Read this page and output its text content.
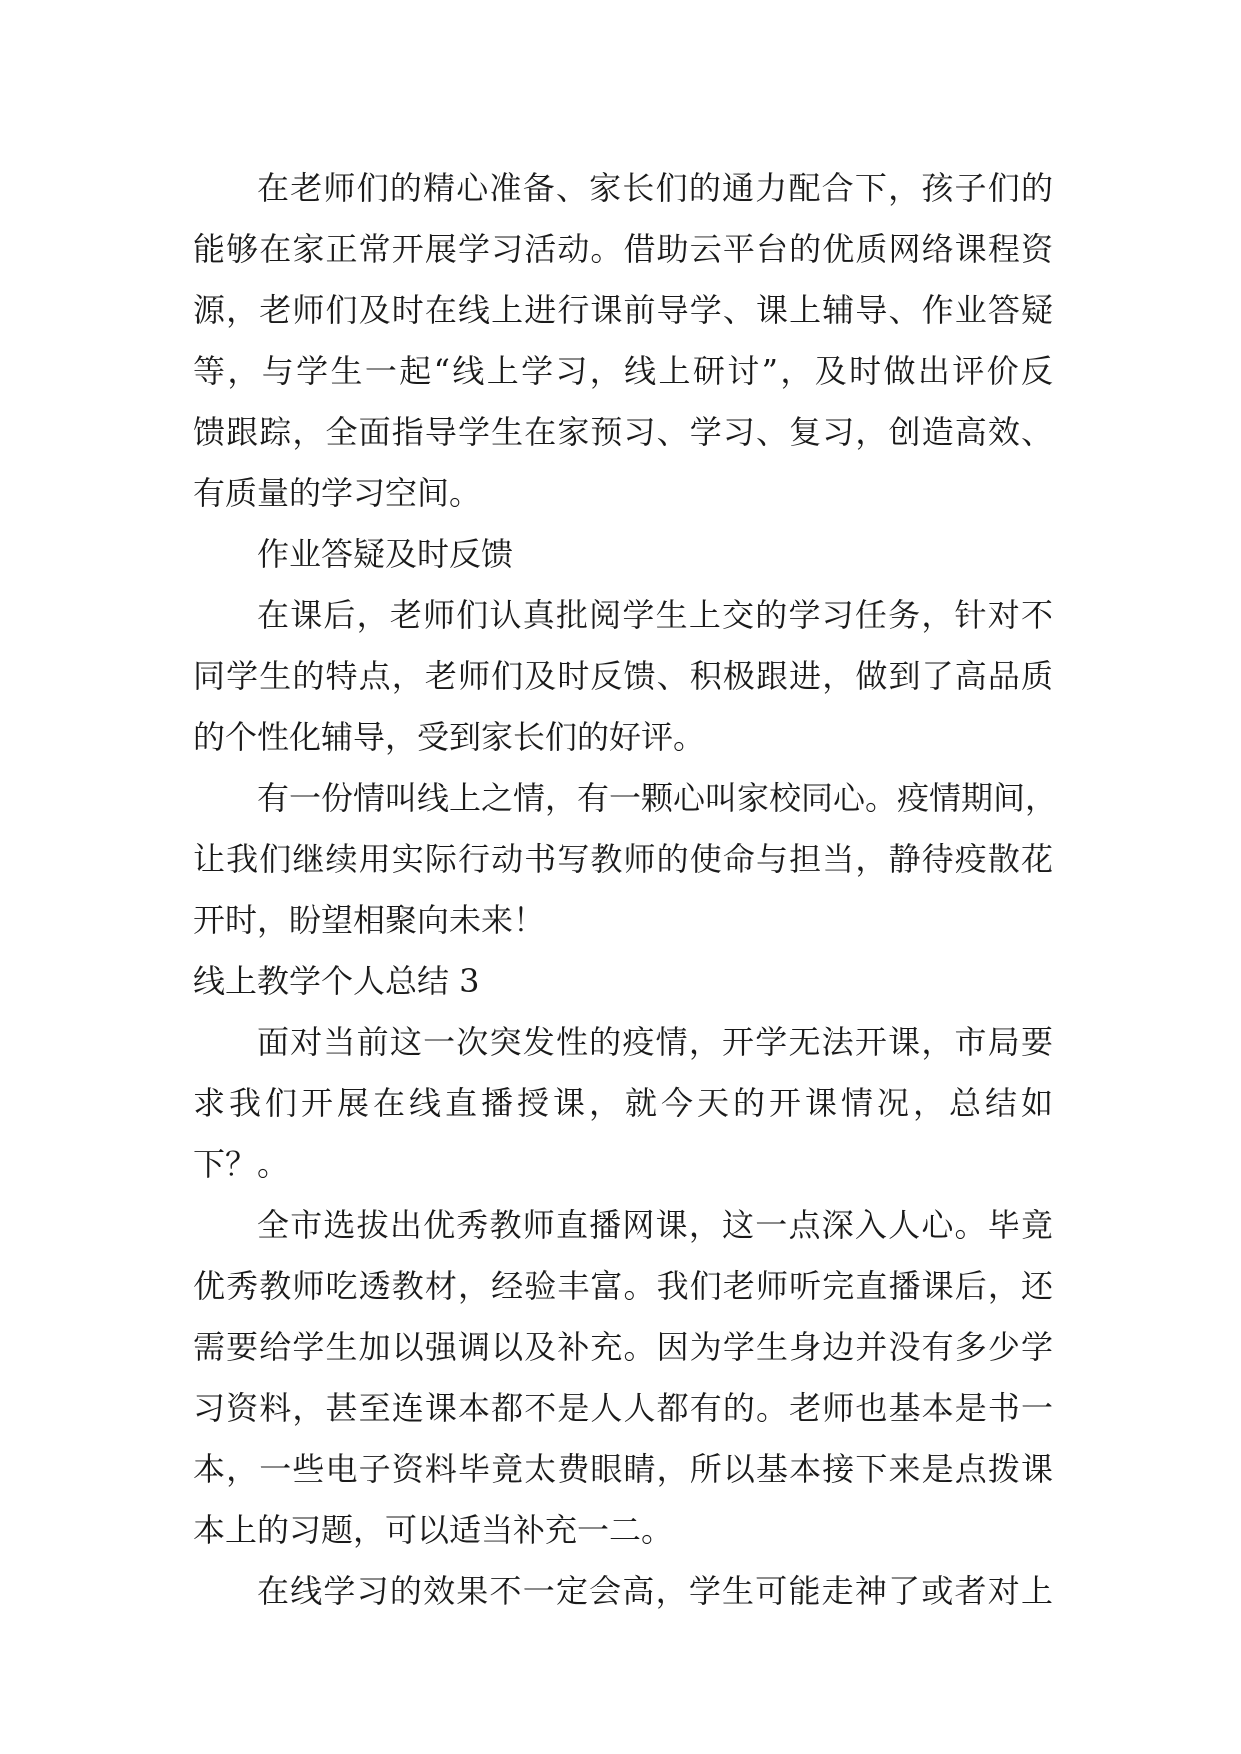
在老师们的精心准备、家长们的通力配合下，孩子们的
能够在家正常开展学习活动。借助云平台的优质网络课程资
源，老师们及时在线上进行课前导学、课上辅导、作业答疑
等，与学生一起“线上学习，线上研讨”，及时做出评价反
馈跟踪，全面指导学生在家预习、学习、复习，创造高效、
有质量的学习空间。
作业答疑及时反馈
在课后，老师们认真批阅学生上交的学习任务，针对不
同学生的特点，老师们及时反馈、积极跟进，做到了高品质
的个性化辅导，受到家长们的好评。
有一份情叫线上之情，有一颗心叫家校同心。疫情期间，
让我们继续用实际行动书写教师的使命与担当，静待疫散花
开时，盼望相聚向未来！
线上教学个人总结 3
面对当前这一次突发性的疫情，开学无法开课，市局要
求我们开展在线直播授课，就今天的开课情况，总结如
下？。
全市选拔出优秀教师直播网课，这一点深入人心。毕竟
优秀教师吃透教材，经验丰富。我们老师听完直播课后，还
需要给学生加以强调以及补充。因为学生身边并没有多少学
习资料，甚至连课本都不是人人都有的。老师也基本是书一
本，一些电子资料毕竟太费眼睛，所以基本接下来是点拨课
本上的习题，可以适当补充一二。
在线学习的效果不一定会高，学生可能走神了或者对上
